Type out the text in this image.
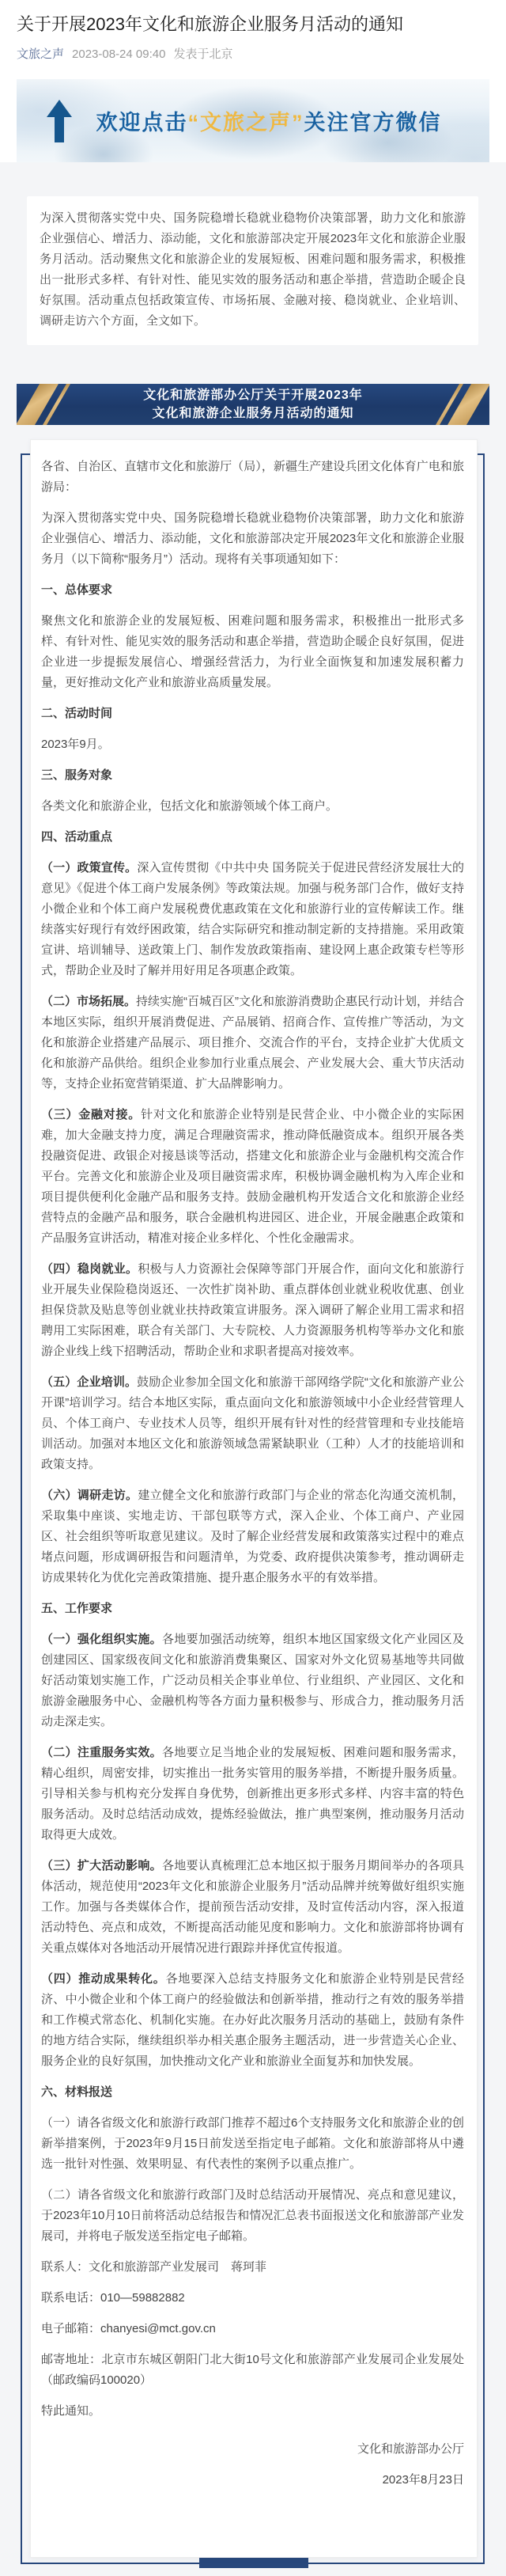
关于开展2023年文化和旅游企业服务月活动的通知
文旅之声 2023-08-24 09:40 发表于北京
欢迎点击“文旅之声”关注官方微信

为深入贯彻落实党中央、国务院稳增长稳就业稳物价决策部署，助力文化和旅游企业强信心、增活力、添动能，文化和旅游部决定开展2023年文化和旅游企业服务月活动。活动聚焦文化和旅游企业的发展短板、困难问题和服务需求，积极推出一批形式多样、有针对性、能见实效的服务活动和惠企举措，营造助企暖企良好氛围。活动重点包括政策宣传、市场拓展、金融对接、稳岗就业、企业培训、调研走访六个方面，全文如下。

文化和旅游部办公厅关于开展2023年
文化和旅游企业服务月活动的通知

各省、自治区、直辖市文化和旅游厅（局），新疆生产建设兵团文化体育广电和旅游局：

为深入贯彻落实党中央、国务院稳增长稳就业稳物价决策部署，助力文化和旅游企业强信心、增活力、添动能，文化和旅游部决定开展2023年文化和旅游企业服务月（以下简称“服务月”）活动。现将有关事项通知如下：

一、总体要求

聚焦文化和旅游企业的发展短板、困难问题和服务需求，积极推出一批形式多样、有针对性、能见实效的服务活动和惠企举措，营造助企暖企良好氛围，促进企业进一步提振发展信心、增强经营活力，为行业全面恢复和加速发展积蓄力量，更好推动文化产业和旅游业高质量发展。

二、活动时间

2023年9月。

三、服务对象

各类文化和旅游企业，包括文化和旅游领域个体工商户。

四、活动重点

（一）政策宣传。深入宣传贯彻《中共中央 国务院关于促进民营经济发展壮大的意见》《促进个体工商户发展条例》等政策法规。加强与税务部门合作，做好支持小微企业和个体工商户发展税费优惠政策在文化和旅游行业的宣传解读工作。继续落实好现行有效纾困政策，结合实际研究和推动制定新的支持措施。采用政策宣讲、培训辅导、送政策上门、制作发放政策指南、建设网上惠企政策专栏等形式，帮助企业及时了解并用好用足各项惠企政策。

（二）市场拓展。持续实施“百城百区”文化和旅游消费助企惠民行动计划，并结合本地区实际，组织开展消费促进、产品展销、招商合作、宣传推广等活动，为文化和旅游企业搭建产品展示、项目推介、交流合作的平台，支持企业扩大优质文化和旅游产品供给。组织企业参加行业重点展会、产业发展大会、重大节庆活动等，支持企业拓宽营销渠道、扩大品牌影响力。

（三）金融对接。针对文化和旅游企业特别是民营企业、中小微企业的实际困难，加大金融支持力度，满足合理融资需求，推动降低融资成本。组织开展各类投融资促进、政银企对接恳谈等活动，搭建文化和旅游企业与金融机构交流合作平台。完善文化和旅游企业及项目融资需求库，积极协调金融机构为入库企业和项目提供便利化金融产品和服务支持。鼓励金融机构开发适合文化和旅游企业经营特点的金融产品和服务，联合金融机构进园区、进企业，开展金融惠企政策和产品服务宣讲活动，精准对接企业多样化、个性化金融需求。

（四）稳岗就业。积极与人力资源社会保障等部门开展合作，面向文化和旅游行业开展失业保险稳岗返还、一次性扩岗补助、重点群体创业就业税收优惠、创业担保贷款及贴息等创业就业扶持政策宣讲服务。深入调研了解企业用工需求和招聘用工实际困难，联合有关部门、大专院校、人力资源服务机构等举办文化和旅游企业线上线下招聘活动，帮助企业和求职者提高对接效率。

（五）企业培训。鼓励企业参加全国文化和旅游干部网络学院“文化和旅游产业公开课”培训学习。结合本地区实际，重点面向文化和旅游领域中小企业经营管理人员、个体工商户、专业技术人员等，组织开展有针对性的经营管理和专业技能培训活动。加强对本地区文化和旅游领域急需紧缺职业（工种）人才的技能培训和政策支持。

（六）调研走访。建立健全文化和旅游行政部门与企业的常态化沟通交流机制，采取集中座谈、实地走访、干部包联等方式，深入企业、个体工商户、产业园区、社会组织等听取意见建议。及时了解企业经营发展和政策落实过程中的难点堵点问题，形成调研报告和问题清单，为党委、政府提供决策参考，推动调研走访成果转化为优化完善政策措施、提升惠企服务水平的有效举措。

五、工作要求

（一）强化组织实施。各地要加强活动统筹，组织本地区国家级文化产业园区及创建园区、国家级夜间文化和旅游消费集聚区、国家对外文化贸易基地等共同做好活动策划实施工作，广泛动员相关企事业单位、行业组织、产业园区、文化和旅游金融服务中心、金融机构等各方面力量积极参与、形成合力，推动服务月活动走深走实。

（二）注重服务实效。各地要立足当地企业的发展短板、困难问题和服务需求，精心组织，周密安排，切实推出一批务实管用的服务举措，不断提升服务质量。引导相关参与机构充分发挥自身优势，创新推出更多形式多样、内容丰富的特色服务活动。及时总结活动成效，提炼经验做法，推广典型案例，推动服务月活动取得更大成效。

（三）扩大活动影响。各地要认真梳理汇总本地区拟于服务月期间举办的各项具体活动，规范使用“2023年文化和旅游企业服务月”活动品牌并统筹做好组织实施工作。加强与各类媒体合作，提前预告活动安排，及时宣传活动内容，深入报道活动特色、亮点和成效，不断提高活动能见度和影响力。文化和旅游部将协调有关重点媒体对各地活动开展情况进行跟踪并择优宣传报道。

（四）推动成果转化。各地要深入总结支持服务文化和旅游企业特别是民营经济、中小微企业和个体工商户的经验做法和创新举措，推动行之有效的服务举措和工作模式常态化、机制化实施。在办好此次服务月活动的基础上，鼓励有条件的地方结合实际，继续组织举办相关惠企服务主题活动，进一步营造关心企业、服务企业的良好氛围，加快推动文化产业和旅游业全面复苏和加快发展。

六、材料报送

（一）请各省级文化和旅游行政部门推荐不超过6个支持服务文化和旅游企业的创新举措案例，于2023年9月15日前发送至指定电子邮箱。文化和旅游部将从中遴选一批针对性强、效果明显、有代表性的案例予以重点推广。

（二）请各省级文化和旅游行政部门及时总结活动开展情况、亮点和意见建议，于2023年10月10日前将活动总结报告和情况汇总表书面报送文化和旅游部产业发展司，并将电子版发送至指定电子邮箱。

联系人：文化和旅游部产业发展司　蒋珂菲

联系电话：010—59882882

电子邮箱：chanyesi@mct.gov.cn

邮寄地址：北京市东城区朝阳门北大街10号文化和旅游部产业发展司企业发展处（邮政编码100020）

特此通知。

文化和旅游部办公厅

2023年8月23日
